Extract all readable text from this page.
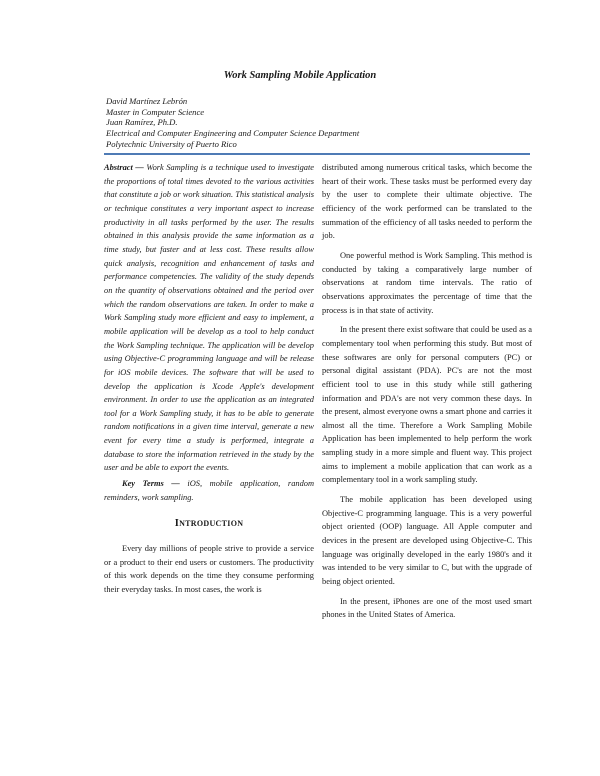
Work Sampling Mobile Application
David Martínez Lebrón
Master in Computer Science
Juan Ramírez, Ph.D.
Electrical and Computer Engineering and Computer Science Department
Polytechnic University of Puerto Rico

Abstract — Work Sampling is a technique used to investigate the proportions of total times devoted to the various activities that constitute a job or work situation. This statistical analysis or technique constitutes a very important aspect to increase productivity in all tasks performed by the user. The results obtained in this analysis provide the same information as a time study, but faster and at less cost. These results allow quick analysis, recognition and enhancement of tasks and performance competencies. The validity of the study depends on the quantity of observations obtained and the period over which the random observations are taken. In order to make a Work Sampling study more efficient and easy to implement, a mobile application will be develop as a tool to help conduct the Work Sampling technique. The application will be develop using Objective-C programming language and will be release for iOS mobile devices. The software that will be used to develop the application is Xcode Apple's development environment. In order to use the application as an integrated tool for a Work Sampling study, it has to be able to generate random notifications in a given time interval, generate a new event for every time a study is performed, integrate a database to store the information retrieved in the study by the user and be able to export the events.

Key Terms — iOS, mobile application, random reminders, work sampling.

INTRODUCTION

Every day millions of people strive to provide a service or a product to their end users or customers. The productivity of this work depends on the time they consume performing their everyday tasks. In most cases, the work is

distributed among numerous critical tasks, which become the heart of their work. These tasks must be performed every day by the user to complete their ultimate objective. The efficiency of the work performed can be translated to the summation of the efficiency of all tasks needed to perform the job.

One powerful method is Work Sampling. This method is conducted by taking a comparatively large number of observations at random time intervals. The ratio of observations approximates the percentage of time that the process is in that state of activity.

In the present there exist software that could be used as a complementary tool when performing this study. But most of these softwares are only for personal computers (PC) or personal digital assistant (PDA). PC's are not the most efficient tool to use in this study while still gathering information and PDA's are not very common these days. In the present, almost everyone owns a smart phone and carries it almost all the time. Therefore a Work Sampling Mobile Application has been implemented to help perform the work sampling study in a more simple and fluent way. This project aims to implement a mobile application that can work as a complementary tool in a work sampling study.

The mobile application has been developed using Objective-C programming language. This is a very powerful object oriented (OOP) language. All Apple computer and devices in the present are developed using Objective-C. This language was originally developed in the early 1980's and it was intended to be very similar to C, but with the upgrade of being object oriented.

In the present, iPhones are one of the most used smart phones in the United States of America.
